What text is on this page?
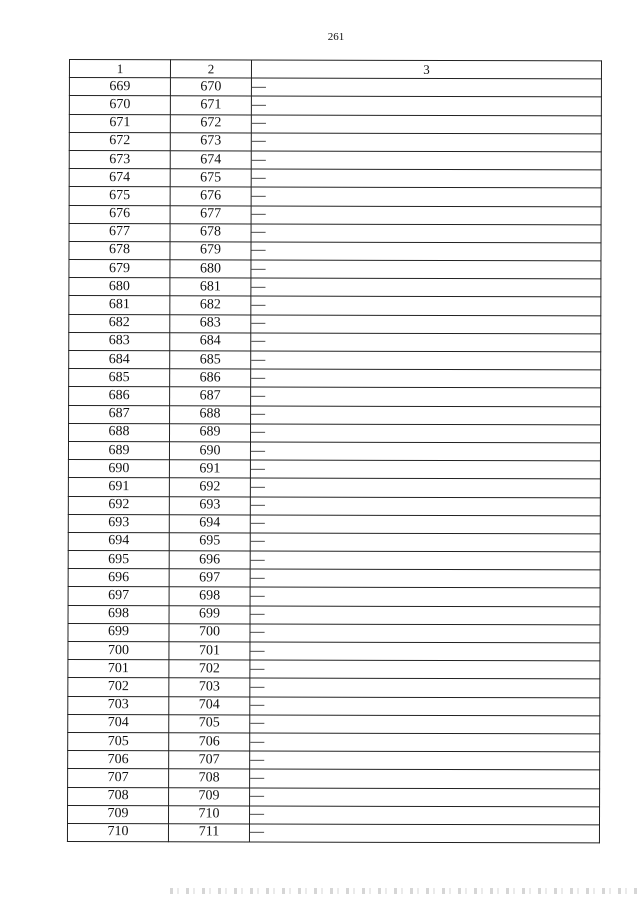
261
1	2	3
669	670	—
670	671	—
671	672	—
672	673	—
673	674	—
674	675	—
675	676	—
676	677	—
677	678	—
678	679	—
679	680	—
680	681	—
681	682	—
682	683	—
683	684	—
684	685	—
685	686	—
686	687	—
687	688	—
688	689	—
689	690	—
690	691	—
691	692	—
692	693	—
693	694	—
694	695	—
695	696	—
696	697	—
697	698	—
698	699	—
699	700	—
700	701	—
701	702	—
702	703	—
703	704	—
704	705	—
705	706	—
706	707	—
707	708	—
708	709	—
709	710	—
710	711	—
